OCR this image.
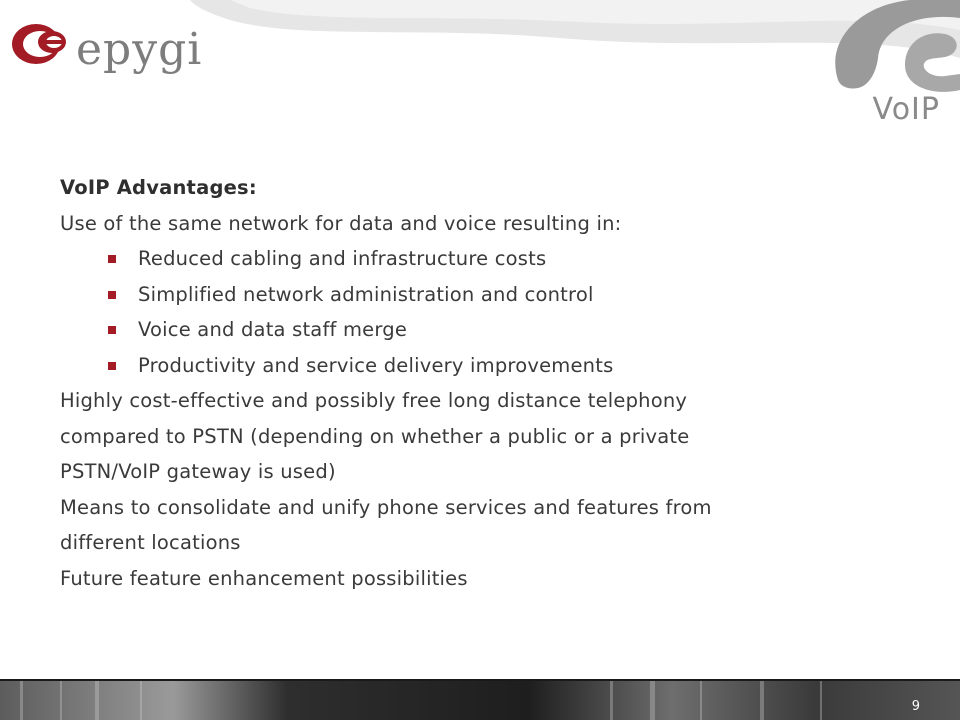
epygi
VoIP
VoIP Advantages:
Use of the same network for data and voice resulting in:
Reduced cabling and infrastructure costs
Simplified network administration and control
Voice and data staff merge
Productivity and service delivery improvements
Highly cost-effective and possibly free long distance telephony
compared to PSTN (depending on whether a public or a private
PSTN/VoIP gateway is used)
Means to consolidate and unify phone services and features from
different locations
Future feature enhancement possibilities
9
